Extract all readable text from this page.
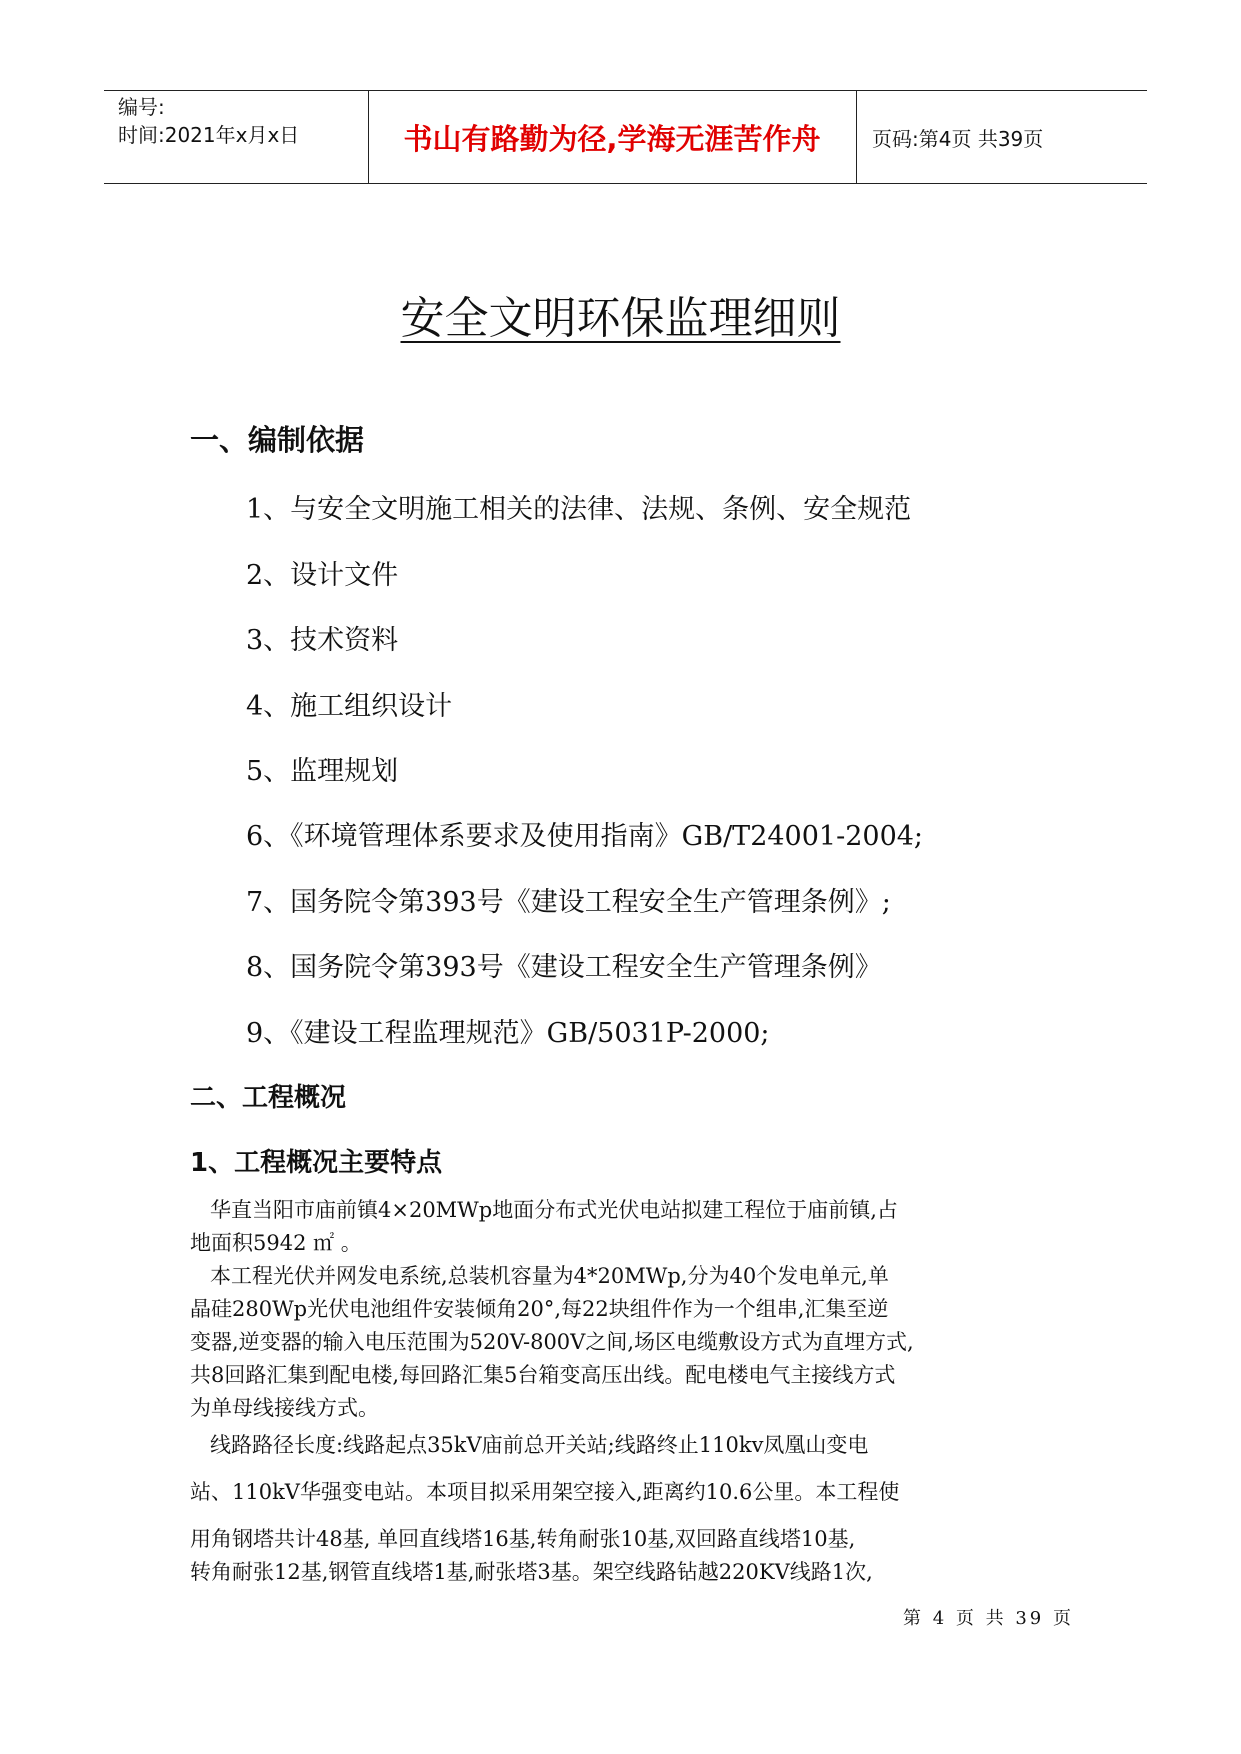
编号:
时间:2021年x月x日	书山有路勤为径,学海无涯苦作舟	页码:第4页 共39页
安全文明环保监理细则
一、编制依据
1、与安全文明施工相关的法律、法规、条例、安全规范
2、设计文件
3、技术资料
4、施工组织设计
5、监理规划
6、《环境管理体系要求及使用指南》GB/T24001-2004;
7、国务院令第393号《建设工程安全生产管理条例》;
8、国务院令第393号《建设工程安全生产管理条例》
9、《建设工程监理规范》GB/5031P-2000;
二、工程概况
1、工程概况主要特点

华直当阳市庙前镇4×20MWp地面分布式光伏电站拟建工程位于庙前镇,占

地面积5942 ㎡ 。

本工程光伏并网发电系统,总装机容量为4*20MWp,分为40个发电单元,单

晶硅280Wp光伏电池组件安装倾角20°,每22块组件作为一个组串,汇集至逆

变器,逆变器的输入电压范围为520V-800V之间,场区电缆敷设方式为直埋方式,

共8回路汇集到配电楼,每回路汇集5台箱变高压出线。配电楼电气主接线方式

为单母线接线方式。

线路路径长度:线路起点35kV庙前总开关站;线路终止110kv凤凰山变电

站、110kV华强变电站。本项目拟采用架空接入,距离约10.6公里。本工程使

用角钢塔共计48基, 单回直线塔16基,转角耐张10基,双回路直线塔10基,

转角耐张12基,钢管直线塔1基,耐张塔3基。架空线路钻越220KV线路1次,

第 4 页 共 39 页
